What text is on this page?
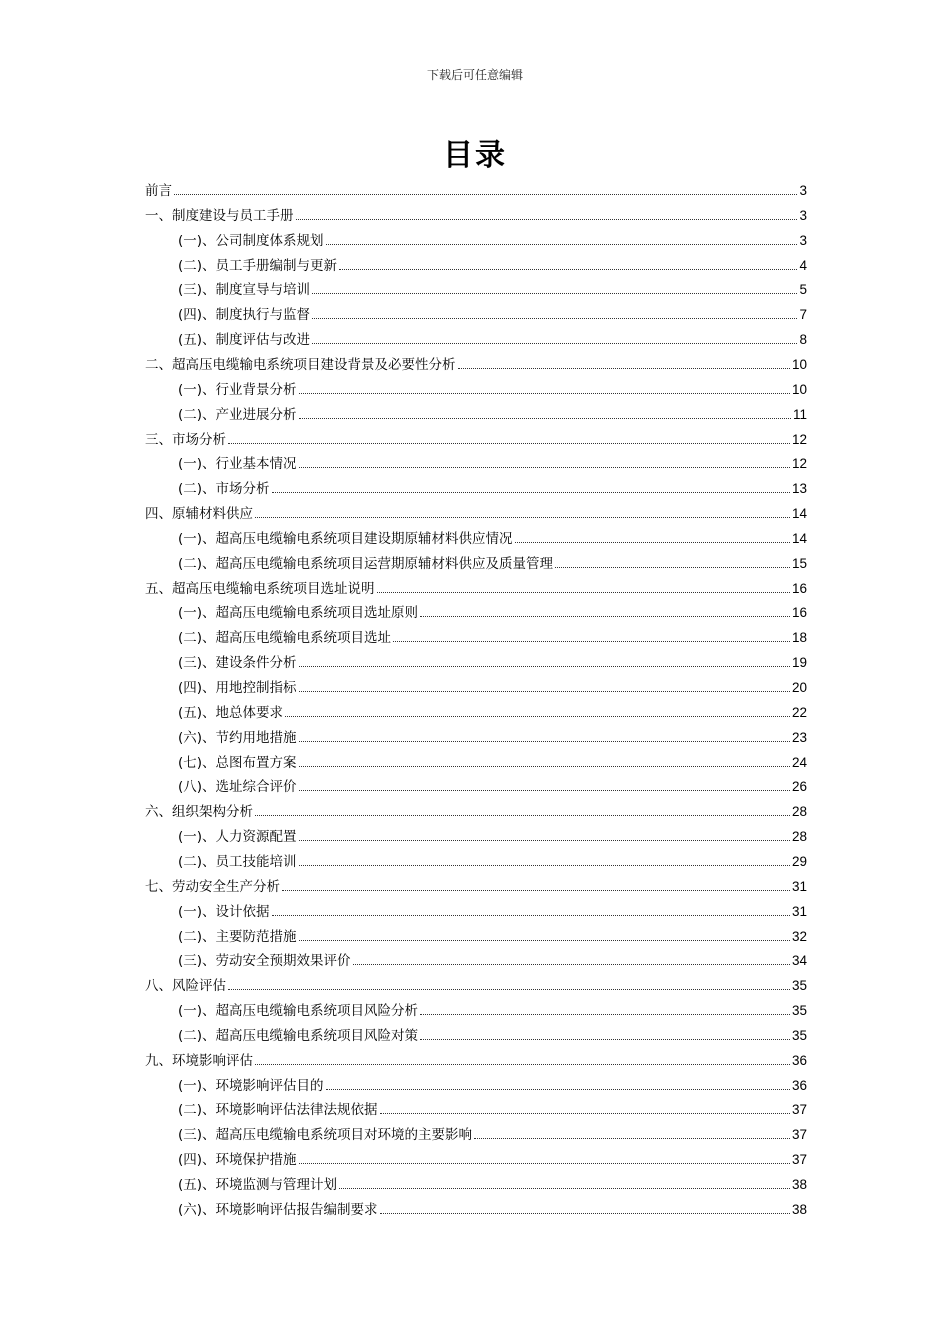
下载后可任意编辑
目录
前言	3
一、制度建设与员工手册	3
(一)、公司制度体系规划	3
(二)、员工手册编制与更新	4
(三)、制度宣导与培训	5
(四)、制度执行与监督	7
(五)、制度评估与改进	8
二、超高压电缆输电系统项目建设背景及必要性分析	10
(一)、行业背景分析	10
(二)、产业进展分析	11
三、市场分析	12
(一)、行业基本情况	12
(二)、市场分析	13
四、原辅材料供应	14
(一)、超高压电缆输电系统项目建设期原辅材料供应情况	14
(二)、超高压电缆输电系统项目运营期原辅材料供应及质量管理	15
五、超高压电缆输电系统项目选址说明	16
(一)、超高压电缆输电系统项目选址原则	16
(二)、超高压电缆输电系统项目选址	18
(三)、建设条件分析	19
(四)、用地控制指标	20
(五)、地总体要求	22
(六)、节约用地措施	23
(七)、总图布置方案	24
(八)、选址综合评价	26
六、组织架构分析	28
(一)、人力资源配置	28
(二)、员工技能培训	29
七、劳动安全生产分析	31
(一)、设计依据	31
(二)、主要防范措施	32
(三)、劳动安全预期效果评价	34
八、风险评估	35
(一)、超高压电缆输电系统项目风险分析	35
(二)、超高压电缆输电系统项目风险对策	35
九、环境影响评估	36
(一)、环境影响评估目的	36
(二)、环境影响评估法律法规依据	37
(三)、超高压电缆输电系统项目对环境的主要影响	37
(四)、环境保护措施	37
(五)、环境监测与管理计划	38
(六)、环境影响评估报告编制要求	38
